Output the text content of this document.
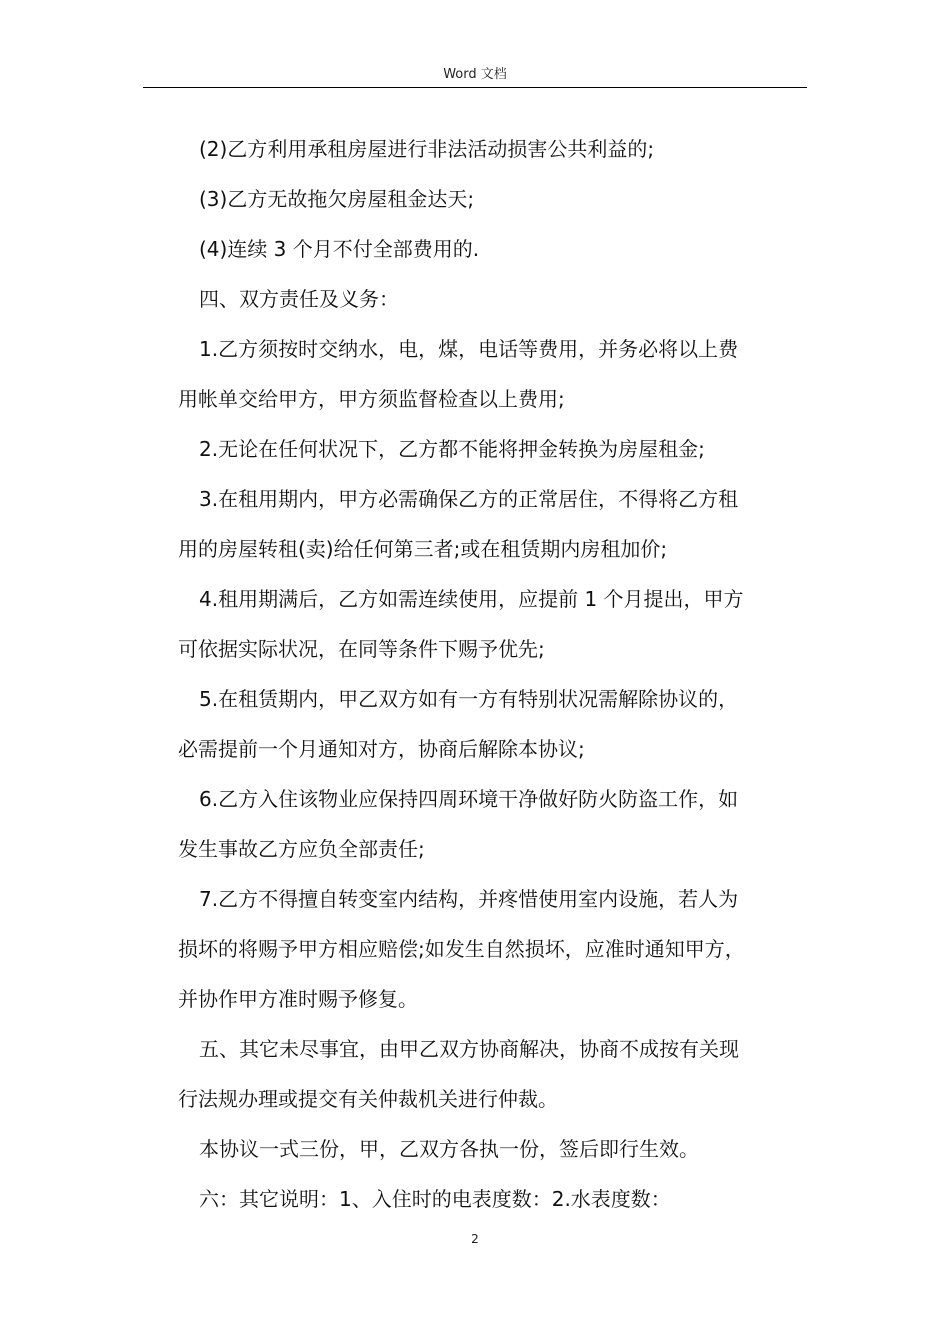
Word 文档

(2)乙方利用承租房屋进行非法活动损害公共利益的;

(3)乙方无故拖欠房屋租金达天;

(4)连续 3 个月不付全部费用的.

四、双方责任及义务：

1.乙方须按时交纳水，电，煤，电话等费用，并务必将以上费

用帐单交给甲方，甲方须监督检查以上费用;

2.无论在任何状况下，乙方都不能将押金转换为房屋租金;

3.在租用期内，甲方必需确保乙方的正常居住，不得将乙方租

用的房屋转租(卖)给任何第三者;或在租赁期内房租加价;

4.租用期满后，乙方如需连续使用，应提前 1 个月提出，甲方

可依据实际状况，在同等条件下赐予优先;

5.在租赁期内，甲乙双方如有一方有特别状况需解除协议的，

必需提前一个月通知对方，协商后解除本协议;

6.乙方入住该物业应保持四周环境干净做好防火防盗工作，如

发生事故乙方应负全部责任;

7.乙方不得擅自转变室内结构，并疼惜使用室内设施，若人为

损坏的将赐予甲方相应赔偿;如发生自然损坏，应准时通知甲方，

并协作甲方准时赐予修复。

五、其它未尽事宜，由甲乙双方协商解决，协商不成按有关现

行法规办理或提交有关仲裁机关进行仲裁。

本协议一式三份，甲，乙双方各执一份，签后即行生效。

六：其它说明：1、入住时的电表度数：2.水表度数：

2
